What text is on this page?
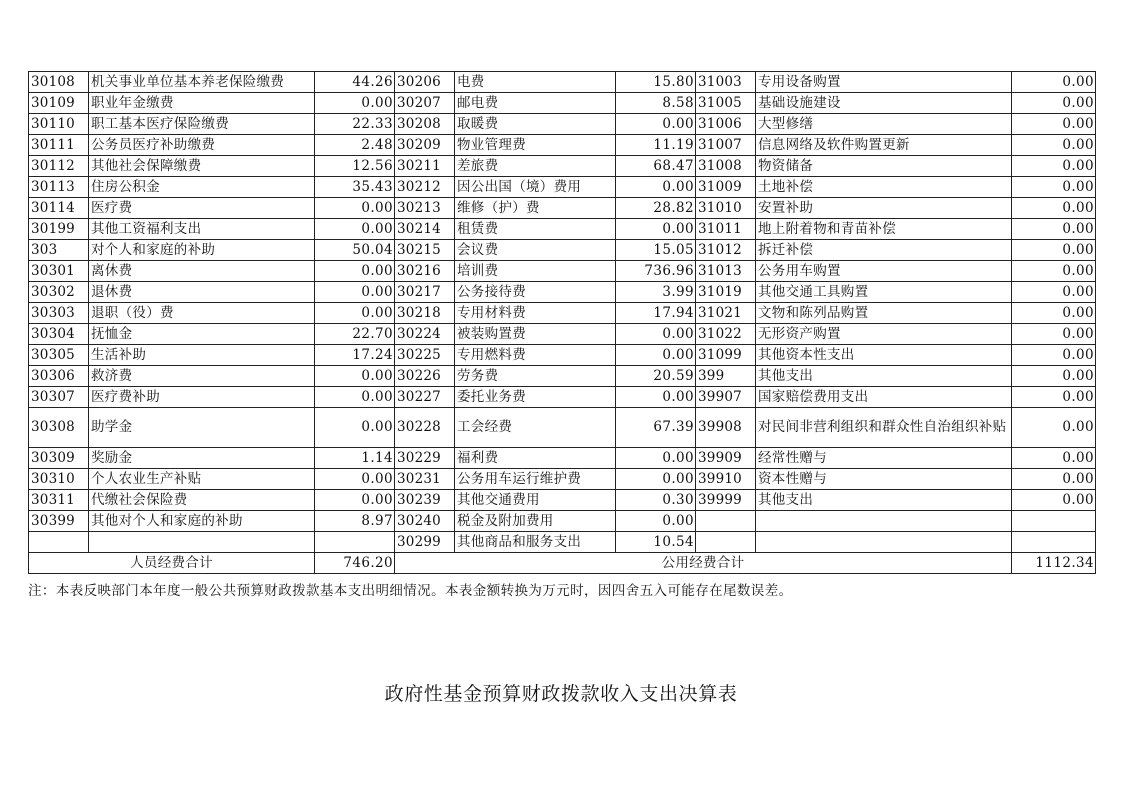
30108	机关事业单位基本养老保险缴费	44.26	30206	电费	15.80	31003	专用设备购置	0.00
30109	职业年金缴费	0.00	30207	邮电费	8.58	31005	基础设施建设	0.00
30110	职工基本医疗保险缴费	22.33	30208	取暖费	0.00	31006	大型修缮	0.00
30111	公务员医疗补助缴费	2.48	30209	物业管理费	11.19	31007	信息网络及软件购置更新	0.00
30112	其他社会保障缴费	12.56	30211	差旅费	68.47	31008	物资储备	0.00
30113	住房公积金	35.43	30212	因公出国（境）费用	0.00	31009	土地补偿	0.00
30114	医疗费	0.00	30213	维修（护）费	28.82	31010	安置补助	0.00
30199	其他工资福利支出	0.00	30214	租赁费	0.00	31011	地上附着物和青苗补偿	0.00
303	对个人和家庭的补助	50.04	30215	会议费	15.05	31012	拆迁补偿	0.00
30301	离休费	0.00	30216	培训费	736.96	31013	公务用车购置	0.00
30302	退休费	0.00	30217	公务接待费	3.99	31019	其他交通工具购置	0.00
30303	退职（役）费	0.00	30218	专用材料费	17.94	31021	文物和陈列品购置	0.00
30304	抚恤金	22.70	30224	被装购置费	0.00	31022	无形资产购置	0.00
30305	生活补助	17.24	30225	专用燃料费	0.00	31099	其他资本性支出	0.00
30306	救济费	0.00	30226	劳务费	20.59	399	其他支出	0.00
30307	医疗费补助	0.00	30227	委托业务费	0.00	39907	国家赔偿费用支出	0.00
30308	助学金	0.00	30228	工会经费	67.39	39908	对民间非营利组织和群众性自治组织补贴	0.00
30309	奖励金	1.14	30229	福利费	0.00	39909	经常性赠与	0.00
30310	个人农业生产补贴	0.00	30231	公务用车运行维护费	0.00	39910	资本性赠与	0.00
30311	代缴社会保险费	0.00	30239	其他交通费用	0.30	39999	其他支出	0.00
30399	其他对个人和家庭的补助	8.97	30240	税金及附加费用	0.00			
			30299	其他商品和服务支出	10.54			
人员经费合计		746.20	公用经费合计					1112.34
注：本表反映部门本年度一般公共预算财政拨款基本支出明细情况。本表金额转换为万元时，因四舍五入可能存在尾数误差。
政府性基金预算财政拨款收入支出决算表
